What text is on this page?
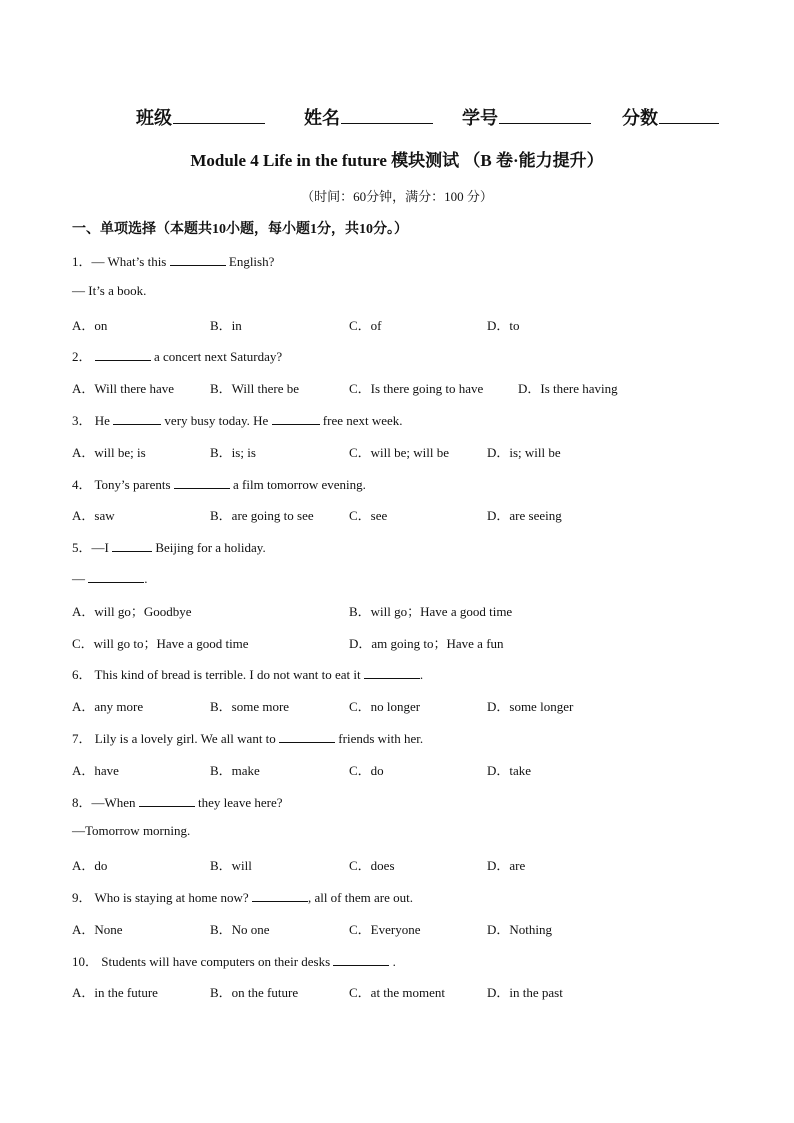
班级	姓名	学号	分数
Module 4 Life in the future 模块测试 （B 卷·能力提升）
（时间：60分钟，满分：100 分）
一、单项选择（本题共10小题，每小题1分，共10分。）
1．— What’s this	English?
— It’s a book.
A．on	B．in	C．of	D．to
2．	a concert next Saturday?
A．Will there have	B．Will there be	C．Is there going to have	D．Is there having
3． He	very busy today. He	free next week.
A．will be; is	B．is; is	C．will be; will be	D．is; will be
4． Tony’s parents	a film tomorrow evening.
A．saw	B．are going to see	C．see	D．are seeing
5．—I	Beijing for a holiday.
—	.
A．will go；Goodbye	B．will go；Have a good time
C．will go to；Have a good time	D．am going to；Have a fun
6． This kind of bread is terrible. I do not want to eat it	.
A．any more	B．some more	C．no longer	D．some longer
7． Lily is a lovely girl. We all want to	friends with her.
A．have	B．make	C．do	D．take
8．—When	they leave here?
—Tomorrow morning.
A．do	B．will	C．does	D．are
9． Who is staying at home now?	, all of them are out.
A．None	B．No one	C．Everyone	D．Nothing
10． Students will have computers on their desks	.
A．in the future	B．on the future	C．at the moment	D．in the past
